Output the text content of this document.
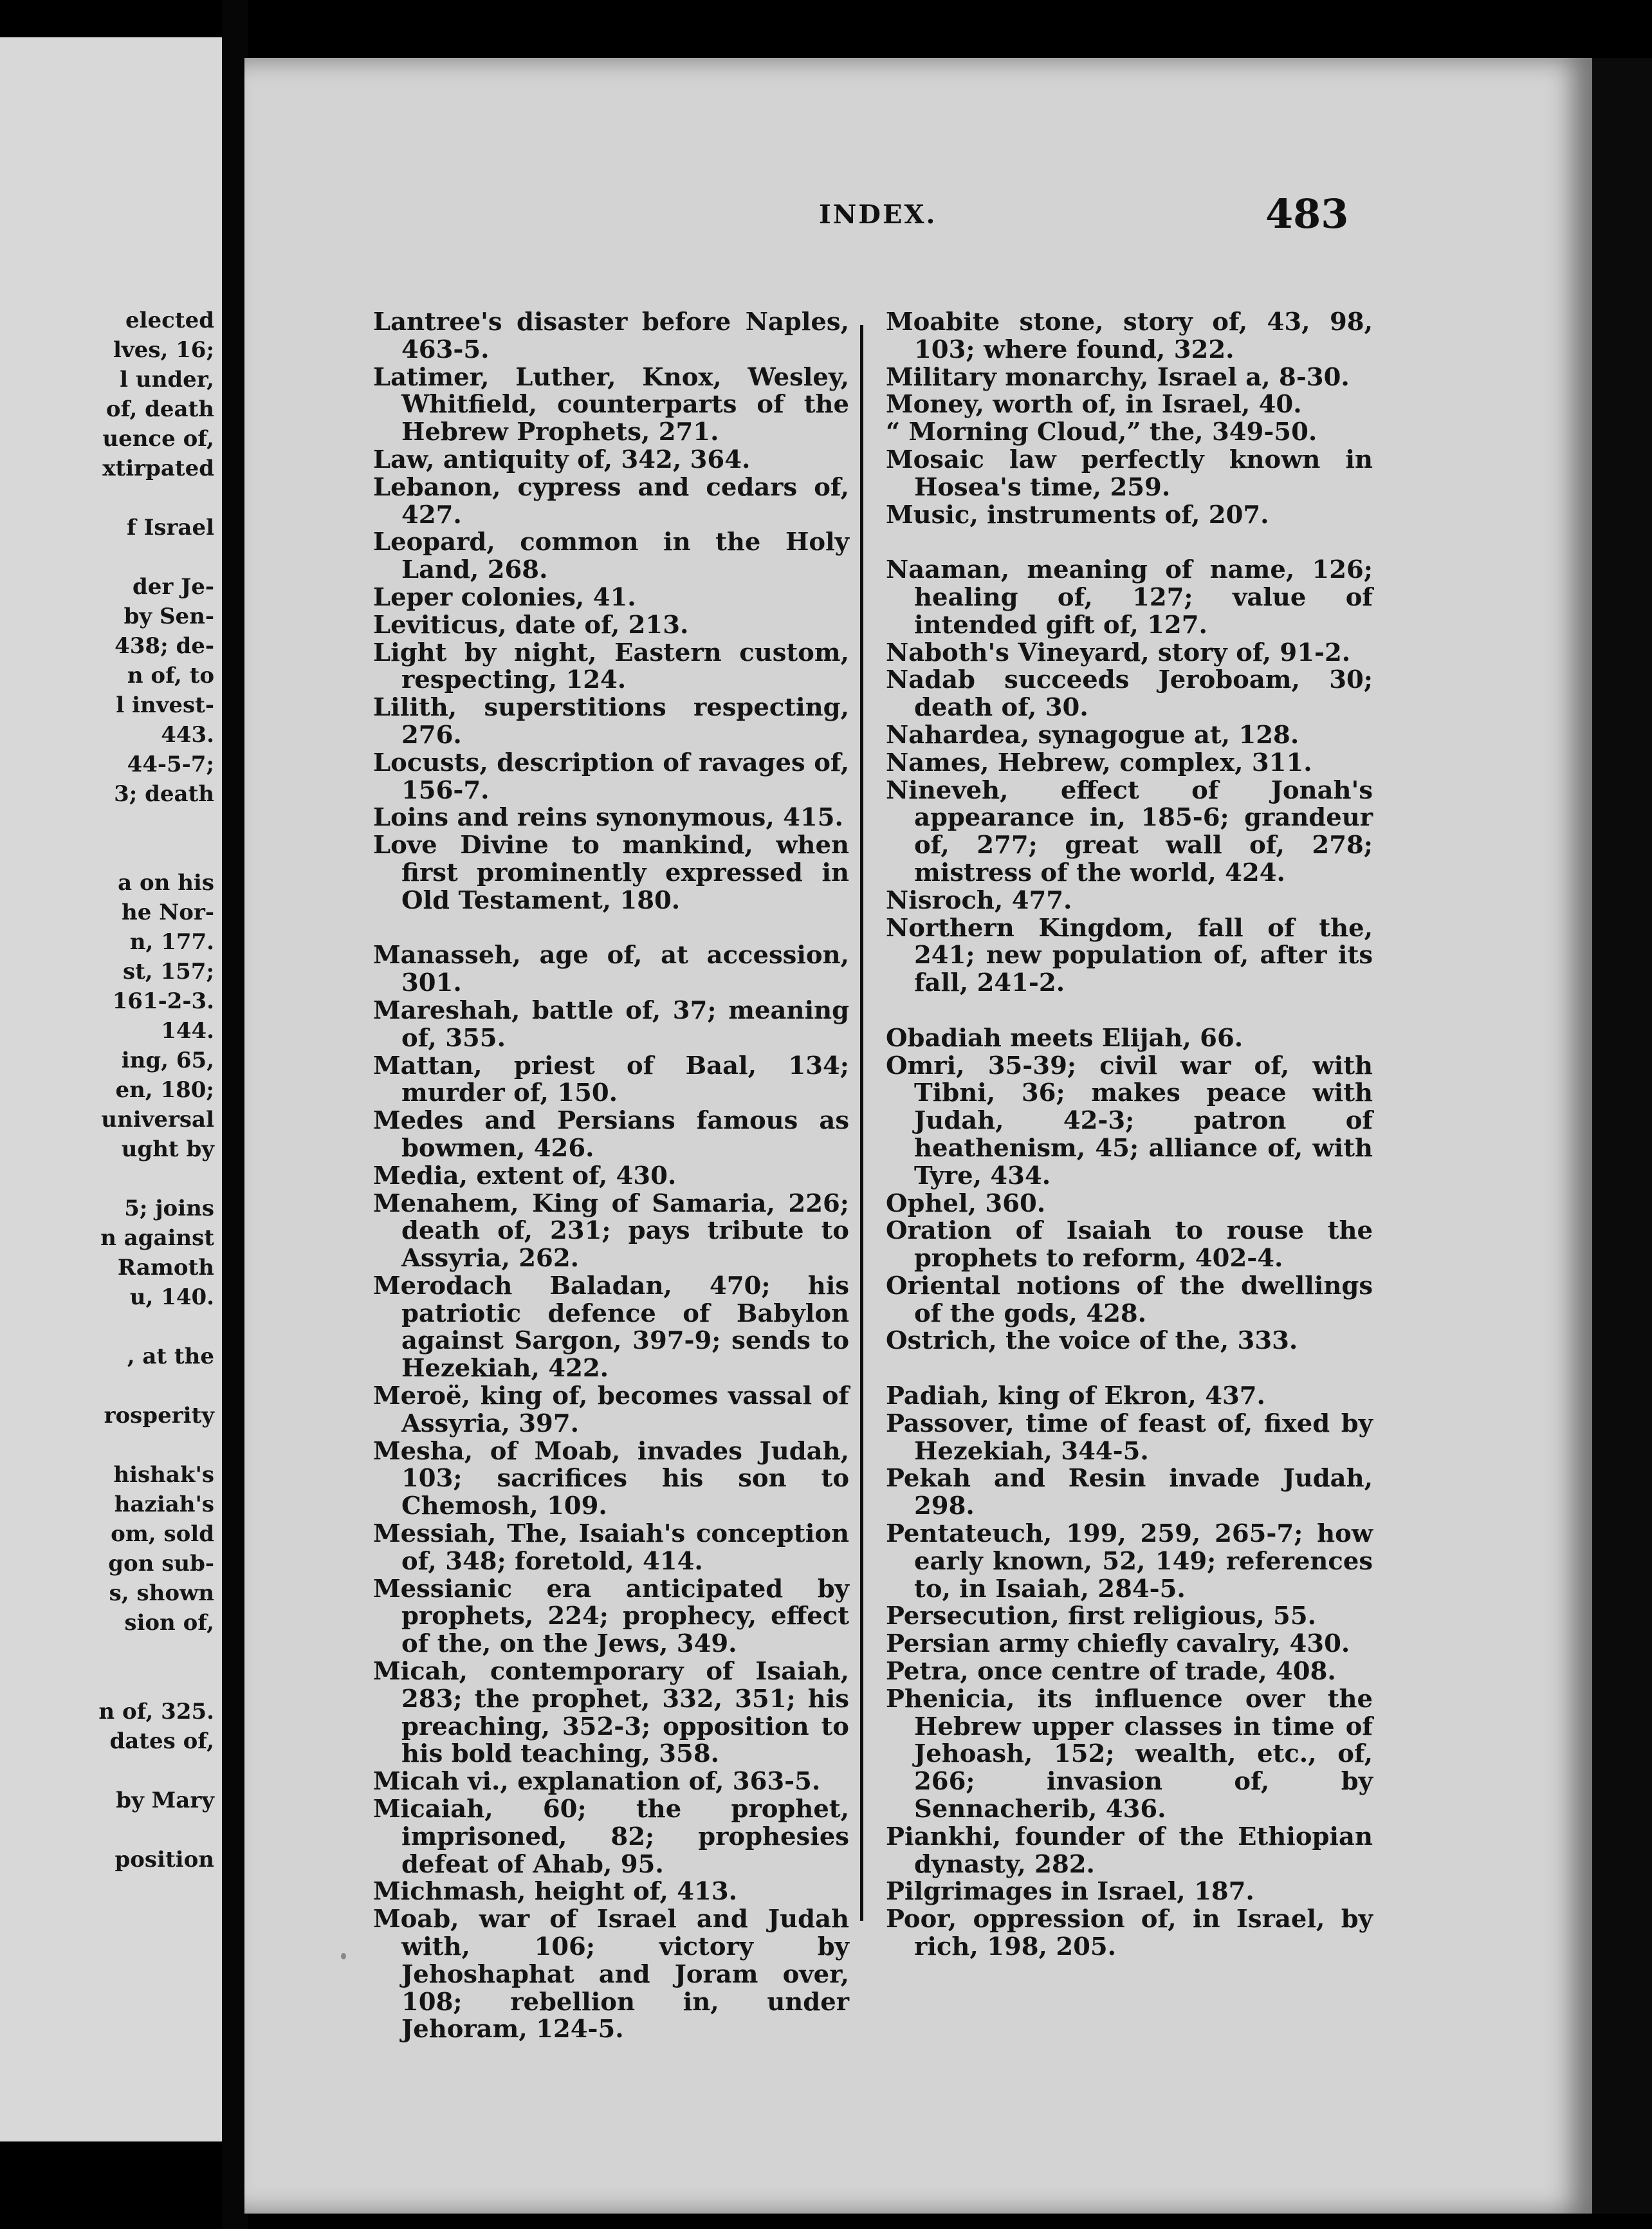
elected
lves, 16;
l under,
of, death
uence of,
xtirpated
f Israel
der Je-
by Sen-
438; de-
n of, to
l invest-
443.
44-5-7;
3; death
a on his
he Nor-
n, 177.
st, 157;
161-2-3.
144.
ing, 65,
en, 180;
universal
ught by
5; joins
n against
Ramoth
u, 140.
, at the
rosperity
hishak's
haziah's
om, sold
gon sub-
s, shown
sion of,
n of, 325.
dates of,
by Mary
position
INDEX.	483

Lantree's disaster before Naples, 463-5.

Latimer, Luther, Knox, Wesley, Whitfield, counterparts of the Hebrew Prophets, 271.

Law, antiquity of, 342, 364.

Lebanon, cypress and cedars of, 427.

Leopard, common in the Holy Land, 268.

Leper colonies, 41.

Leviticus, date of, 213.

Light by night, Eastern custom, respecting, 124.

Lilith, superstitions respecting, 276.

Locusts, description of ravages of, 156-7.

Loins and reins synonymous, 415.

Love Divine to mankind, when first prominently expressed in Old Testament, 180.

Manasseh, age of, at accession, 301.

Mareshah, battle of, 37; meaning of, 355.

Mattan, priest of Baal, 134; murder of, 150.

Medes and Persians famous as bowmen, 426.

Media, extent of, 430.

Menahem, King of Samaria, 226; death of, 231; pays tribute to Assyria, 262.

Merodach Baladan, 470; his patriotic defence of Babylon against Sargon, 397-9; sends to Hezekiah, 422.

Meroë, king of, becomes vassal of Assyria, 397.

Mesha, of Moab, invades Judah, 103; sacrifices his son to Chemosh, 109.

Messiah, The, Isaiah's conception of, 348; foretold, 414.

Messianic era anticipated by prophets, 224; prophecy, effect of the, on the Jews, 349.

Micah, contemporary of Isaiah, 283; the prophet, 332, 351; his preaching, 352-3; opposition to his bold teaching, 358.

Micah vi., explanation of, 363-5.

Micaiah, 60; the prophet, imprisoned, 82; prophesies defeat of Ahab, 95.

Michmash, height of, 413.

Moab, war of Israel and Judah with, 106; victory by Jehoshaphat and Joram over, 108; rebellion in, under Jehoram, 124-5.

Moabite stone, story of, 43, 98, 103; where found, 322.

Military monarchy, Israel a, 8-30.

Money, worth of, in Israel, 40.

“ Morning Cloud,” the, 349-50.

Mosaic law perfectly known in Hosea's time, 259.

Music, instruments of, 207.

Naaman, meaning of name, 126; healing of, 127; value of intended gift of, 127.

Naboth's Vineyard, story of, 91-2.

Nadab succeeds Jeroboam, 30; death of, 30.

Nahardea, synagogue at, 128.

Names, Hebrew, complex, 311.

Nineveh, effect of Jonah's appearance in, 185-6; grandeur of, 277; great wall of, 278; mistress of the world, 424.

Nisroch, 477.

Northern Kingdom, fall of the, 241; new population of, after its fall, 241-2.

Obadiah meets Elijah, 66.

Omri, 35-39; civil war of, with Tibni, 36; makes peace with Judah, 42-3; patron of heathenism, 45; alliance of, with Tyre, 434.

Ophel, 360.

Oration of Isaiah to rouse the prophets to reform, 402-4.

Oriental notions of the dwellings of the gods, 428.

Ostrich, the voice of the, 333.

Padiah, king of Ekron, 437.

Passover, time of feast of, fixed by Hezekiah, 344-5.

Pekah and Resin invade Judah, 298.

Pentateuch, 199, 259, 265-7; how early known, 52, 149; references to, in Isaiah, 284-5.

Persecution, first religious, 55.

Persian army chiefly cavalry, 430.

Petra, once centre of trade, 408.

Phenicia, its influence over the Hebrew upper classes in time of Jehoash, 152; wealth, etc., of, 266; invasion of, by Sennacherib, 436.

Piankhi, founder of the Ethiopian dynasty, 282.

Pilgrimages in Israel, 187.

Poor, oppression of, in Israel, by rich, 198, 205.
